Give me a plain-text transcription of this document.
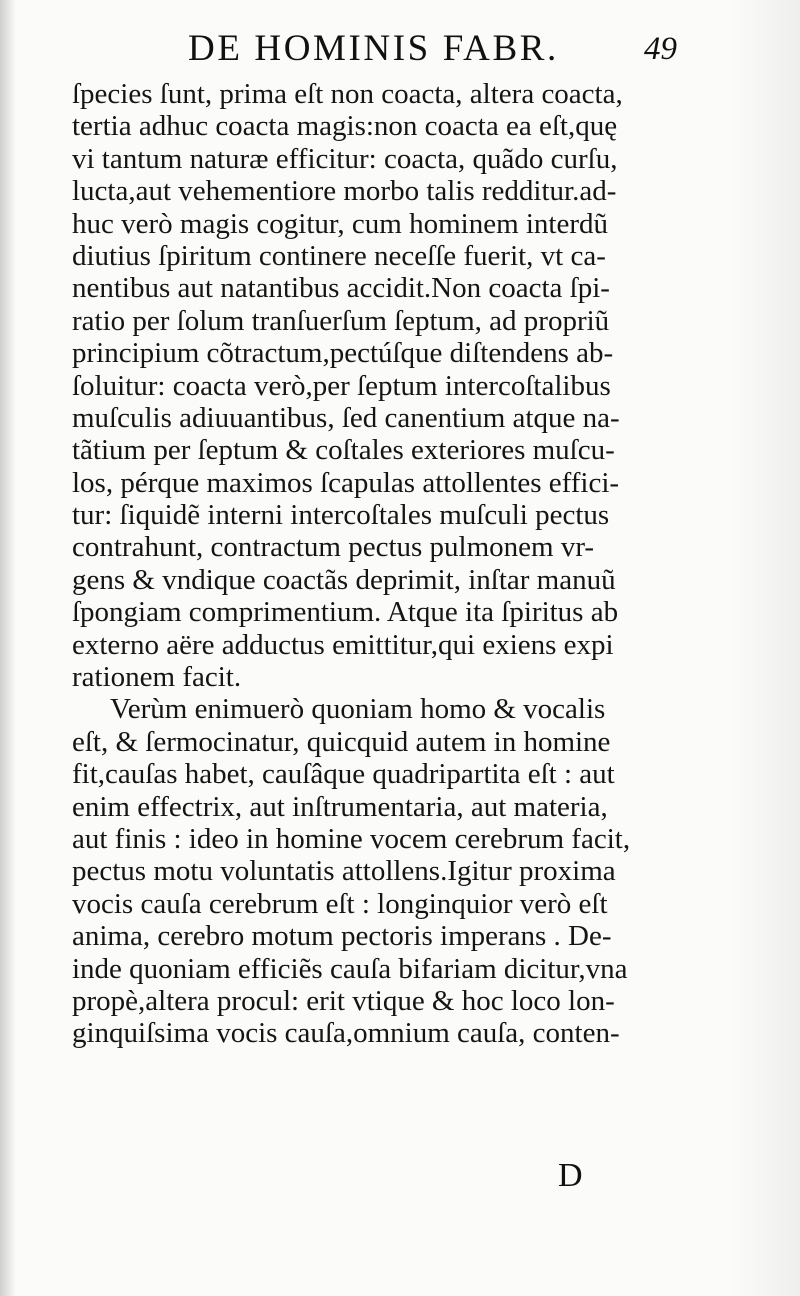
DE HOMINIS FABR.	49
ſpecies ſunt, prima eſt non coacta, altera coacta,
tertia adhuc coacta magis:non coacta ea eſt,quę
vi tantum naturæ efficitur: coacta, quãdo curſu,
lucta,aut vehementiore morbo talis redditur.ad-
huc verò magis cogitur, cum hominem interdũ
diutius ſpiritum continere neceſſe fuerit, vt ca-
nentibus aut natantibus accidit.Non coacta ſpi-
ratio per ſolum tranſuerſum ſeptum, ad propriũ
principium cõtractum,pectúſque diſtendens ab-
ſoluitur: coacta verò,per ſeptum intercoſtalibus
muſculis adiuuantibus, ſed canentium atque na-
tãtium per ſeptum & coſtales exteriores muſcu-
los, pérque maximos ſcapulas attollentes effici-
tur: ſiquidẽ interni intercoſtales muſculi pectus
contrahunt, contractum pectus pulmonem vr-
gens & vndique coactãs deprimit, inſtar manuũ
ſpongiam comprimentium. Atque ita ſpiritus ab
externo aëre adductus emittitur,qui exiens expi
rationem facit.
Verùm enimuerò quoniam homo & vocalis
eſt, & ſermocinatur, quicquid autem in homine
fit,cauſas habet, cauſâque quadripartita eſt : aut
enim effectrix, aut inſtrumentaria, aut materia,
aut finis : ideo in homine vocem cerebrum facit,
pectus motu voluntatis attollens.Igitur proxima
vocis cauſa cerebrum eſt : longinquior verò eſt
anima, cerebro motum pectoris imperans . De-
inde quoniam efficiẽs cauſa bifariam dicitur,vna
propè,altera procul: erit vtique & hoc loco lon-
ginquiſsima vocis cauſa,omnium cauſa, conten-
D
